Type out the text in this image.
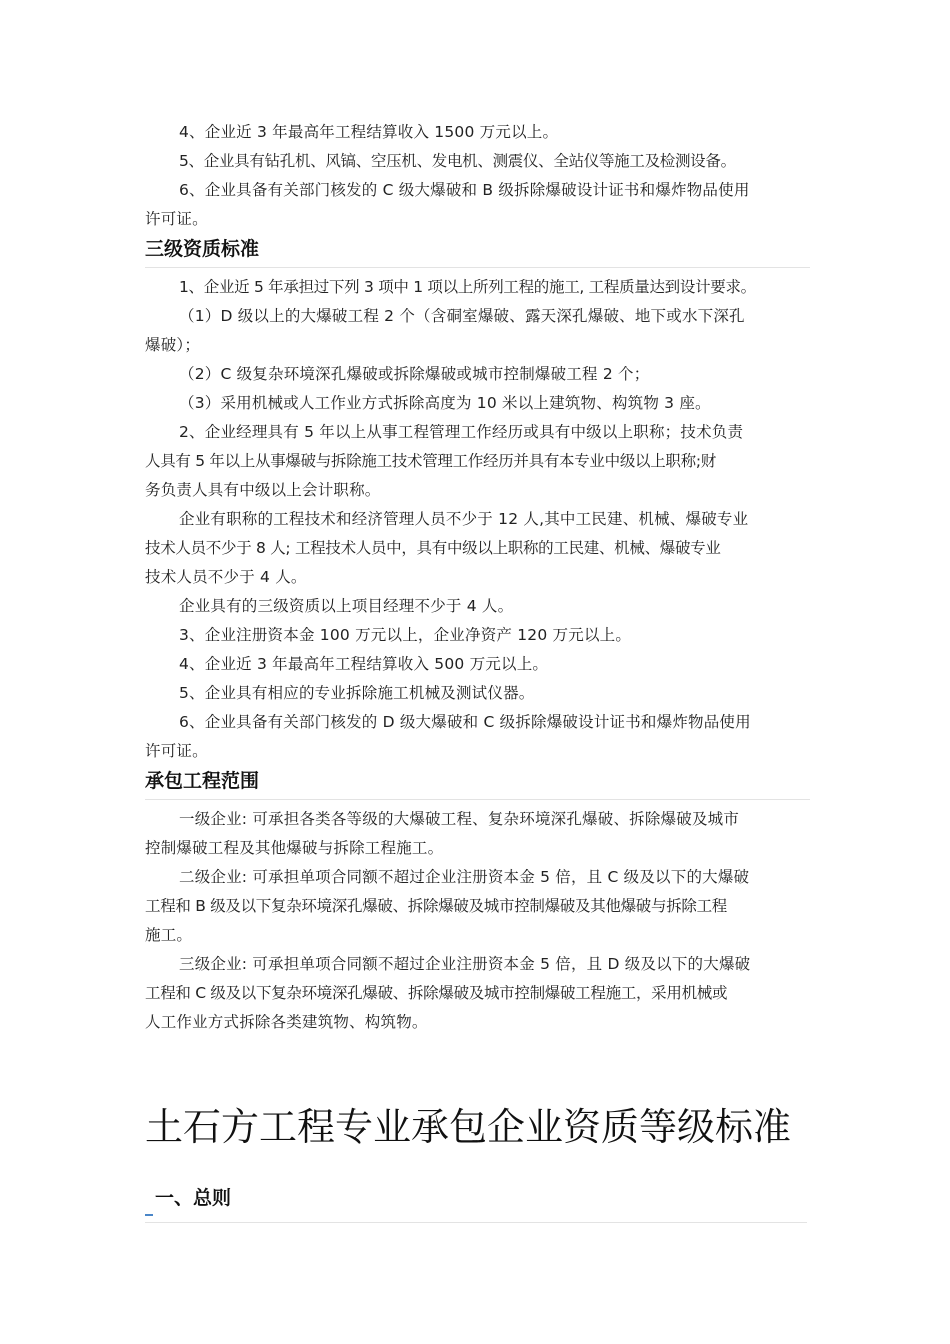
4、企业近 3 年最高年工程结算收入 1500 万元以上。

5、企业具有钻孔机、风镐、空压机、发电机、测震仪、全站仪等施工及检测设备。

6、企业具备有关部门核发的 C 级大爆破和 B 级拆除爆破设计证书和爆炸物品使用

许可证。

三级资质标准

1、企业近 5 年承担过下列 3 项中 1 项以上所列工程的施工, 工程质量达到设计要求。

（1）D 级以上的大爆破工程 2 个（含硐室爆破、露天深孔爆破、地下或水下深孔

爆破）；

（2）C 级复杂环境深孔爆破或拆除爆破或城市控制爆破工程 2 个；

（3）采用机械或人工作业方式拆除高度为 10 米以上建筑物、构筑物 3 座。

2、企业经理具有 5 年以上从事工程管理工作经历或具有中级以上职称；技术负责

人具有 5 年以上从事爆破与拆除施工技术管理工作经历并具有本专业中级以上职称;财

务负责人具有中级以上会计职称。

企业有职称的工程技术和经济管理人员不少于 12 人,其中工民建、机械、爆破专业

技术人员不少于 8 人; 工程技术人员中，具有中级以上职称的工民建、机械、爆破专业

技术人员不少于 4 人。

企业具有的三级资质以上项目经理不少于 4 人。

3、企业注册资本金 100 万元以上，企业净资产 120 万元以上。

4、企业近 3 年最高年工程结算收入 500 万元以上。

5、企业具有相应的专业拆除施工机械及测试仪器。

6、企业具备有关部门核发的 D 级大爆破和 C 级拆除爆破设计证书和爆炸物品使用

许可证。

承包工程范围

一级企业: 可承担各类各等级的大爆破工程、复杂环境深孔爆破、拆除爆破及城市

控制爆破工程及其他爆破与拆除工程施工。

二级企业: 可承担单项合同额不超过企业注册资本金 5 倍，且 C 级及以下的大爆破

工程和 B 级及以下复杂环境深孔爆破、拆除爆破及城市控制爆破及其他爆破与拆除工程

施工。

三级企业: 可承担单项合同额不超过企业注册资本金 5 倍，且 D 级及以下的大爆破

工程和 C 级及以下复杂环境深孔爆破、拆除爆破及城市控制爆破工程施工，采用机械或

人工作业方式拆除各类建筑物、构筑物。

土石方工程专业承包企业资质等级标准
一、总则
